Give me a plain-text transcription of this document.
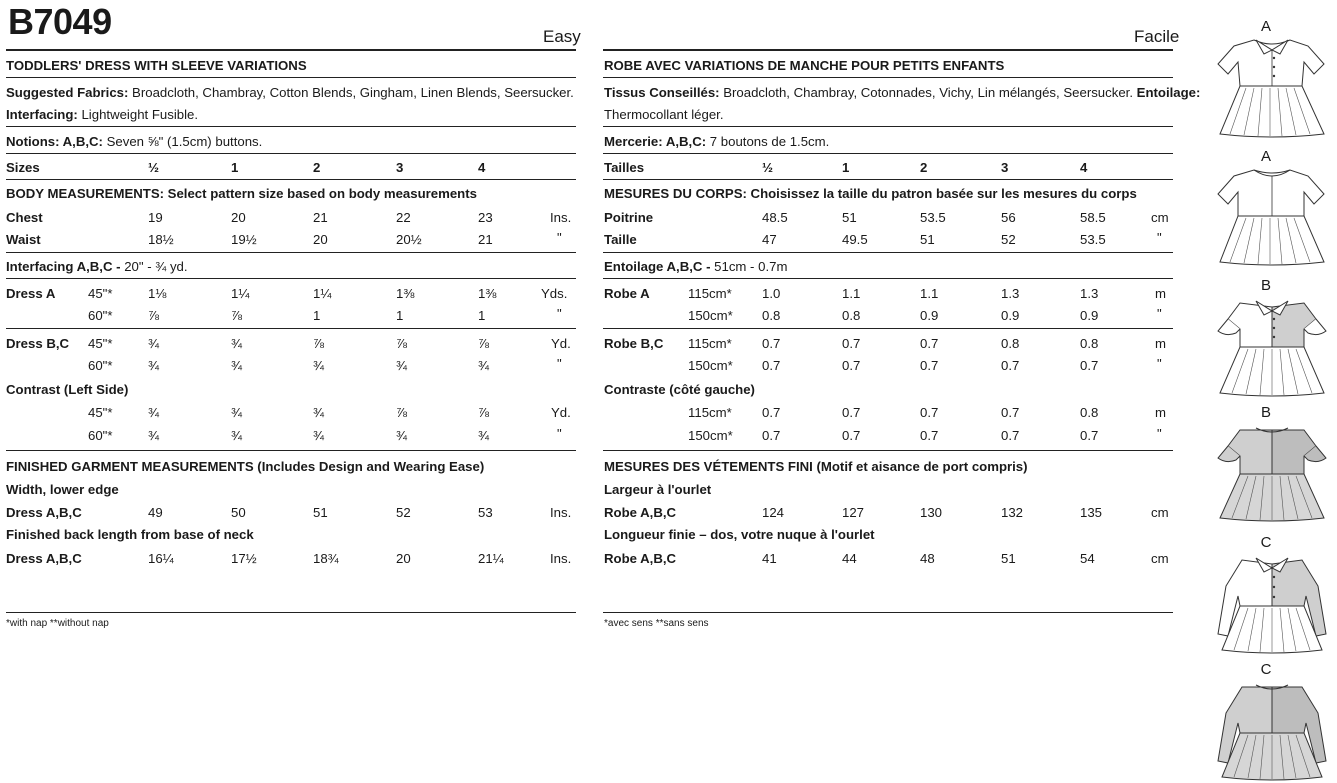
B7049	Easy
TODDLERS' DRESS WITH SLEEVE VARIATIONS
Suggested Fabrics: Broadcloth, Chambray, Cotton Blends, Gingham, Linen Blends, Seersucker.
Interfacing: Lightweight Fusible.
Notions: A,B,C: Seven ⅝" (1.5cm) buttons.
Sizes	½	1	2	3	4
BODY MEASUREMENTS: Select pattern size based on body measurements
Chest	19	20	21	22	23	Ins.
Waist	18½	19½	20	20½	21	"
Interfacing A,B,C - 20" - ¾ yd.
Dress A 45"*	1⅛	1¼	1¼	1⅜	1⅜	Yds.
60"*	⅞	⅞	1	1	1	"
Dress B,C 45"*	¾	¾	⅞	⅞	⅞	Yd.
60"*	¾	¾	¾	¾	¾	"
Contrast (Left Side)
45"*	¾	¾	¾	⅞	⅞	Yd.
60"*	¾	¾	¾	¾	¾	"
FINISHED GARMENT MEASUREMENTS (Includes Design and Wearing Ease)
Width, lower edge
Dress A,B,C	49	50	51	52	53	Ins.
Finished back length from base of neck
Dress A,B,C	16¼	17½	18¾	20	21¼	Ins.
*with nap **without nap
Facile
ROBE AVEC VARIATIONS DE MANCHE POUR PETITS ENFANTS
Tissus Conseillés: Broadcloth, Chambray, Cotonnades, Vichy, Lin mélangés, Seersucker. Entoilage:
Thermocollant léger.
Mercerie: A,B,C: 7 boutons de 1.5cm.
Tailles	½	1	2	3	4
MESURES DU CORPS: Choisissez la taille du patron basée sur les mesures du corps
Poitrine	48.5	51	53.5	56	58.5	cm
Taille	47	49.5	51	52	53.5	"
Entoilage A,B,C - 51cm - 0.7m
Robe A	115cm* 1.0	1.1	1.1	1.3	1.3	m
150cm* 0.8	0.8	0.9	0.9	0.9	"
Robe B,C 115cm* 0.7	0.7	0.7	0.8	0.8	m
150cm* 0.7	0.7	0.7	0.7	0.7	"
Contraste (côté gauche)
115cm* 0.7	0.7	0.7	0.7	0.8	m
150cm* 0.7	0.7	0.7	0.7	0.7	"
MESURES DES VÉTEMENTS FINI (Motif et aisance de port compris)
Largeur à l'ourlet
Robe A,B,C	124	127	130	132	135	cm
Longueur finie – dos, votre nuque à l'ourlet
Robe A,B,C	41	44	48	51	54	cm
*avec sens **sans sens
A
A
B
B
C
C
